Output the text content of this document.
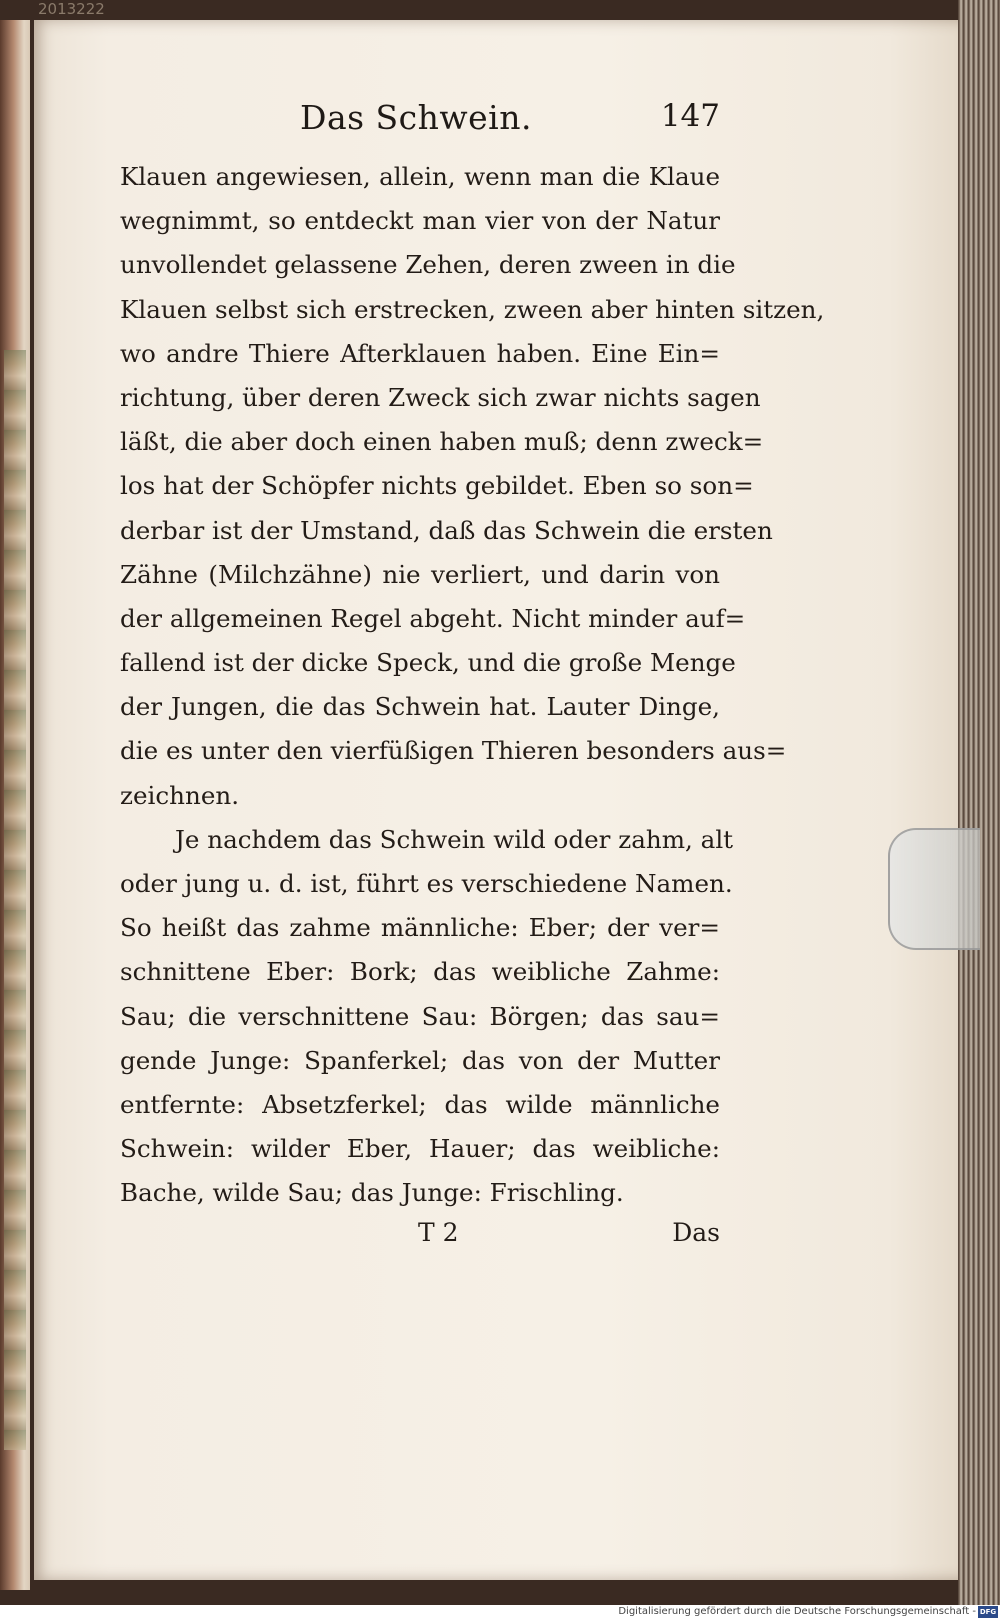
2013222
Das Schwein.	147
Klauen angewiesen, allein, wenn man die Klaue
wegnimmt, so entdeckt man vier von der Natur
unvollendet gelassene Zehen, deren zween in die
Klauen selbst sich erstrecken, zween aber hinten sitzen,
wo andre Thiere Afterklauen haben. Eine Ein=
richtung, über deren Zweck sich zwar nichts sagen
läßt, die aber doch einen haben muß; denn zweck=
los hat der Schöpfer nichts gebildet. Eben so son=
derbar ist der Umstand, daß das Schwein die ersten
Zähne (Milchzähne) nie verliert, und darin von
der allgemeinen Regel abgeht. Nicht minder auf=
fallend ist der dicke Speck, und die große Menge
der Jungen, die das Schwein hat. Lauter Dinge,
die es unter den vierfüßigen Thieren besonders aus=
zeichnen.
Je nachdem das Schwein wild oder zahm, alt
oder jung u. d. ist, führt es verschiedene Namen.
So heißt das zahme männliche: Eber; der ver=
schnittene Eber: Bork; das weibliche Zahme:
Sau; die verschnittene Sau: Börgen; das sau=
gende Junge: Spanferkel; das von der Mutter
entfernte: Absetzferkel; das wilde männliche
Schwein: wilder Eber, Hauer; das weibliche:
Bache, wilde Sau; das Junge: Frischling.
T 2	Das
Digitalisierung gefördert durch die Deutsche Forschungsgemeinschaft - DFG
